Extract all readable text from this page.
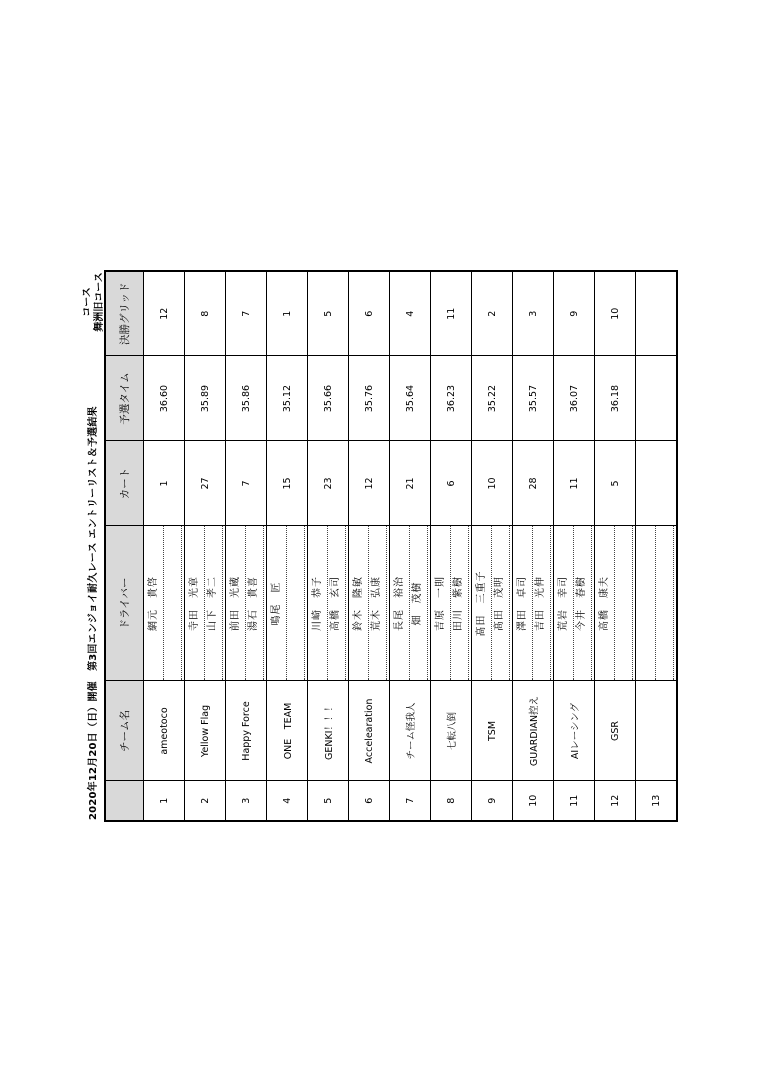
2020年12月20日（日）開催　第3回エンジョイ耐久レース エントリーリスト＆予選結果
コース 舞洲旧コース
	チーム名	ドライバー	カート	予選タイム	決勝グリッド
1	ameotoco	網元　貴啓	1	36.60	12
2	Yellow Flag	寺田　光章 山下　孝二	27	35.89	8
3	Happy Force	前田　光蔵 湯石　貴喜	7	35.86	7
4	ONE　TEAM	鳴尾　匠	15	35.12	1
5	GENKI！！！	川崎　恭子 高橋　玄司	23	35.66	5
6	Accelearation	鈴木　隆敏 荒木　弘康	12	35.76	6
7	チーム怪我人	長尾　裕治 畑　茂樹	21	35.64	4
8	七転八倒	吉原　一則 田川　紫樹	6	36.23	11
9	TSM	髙田　三重子 髙田　茂明	10	35.22	2
10	GUARDIAN控え	澤田　卓司 吉田　光伸	28	35.57	3
11	AIレーシング	荒岩　幸司 今井　春樹	11	36.07	9
12	GSR	高橋　康夫	5	36.18	10
13		
